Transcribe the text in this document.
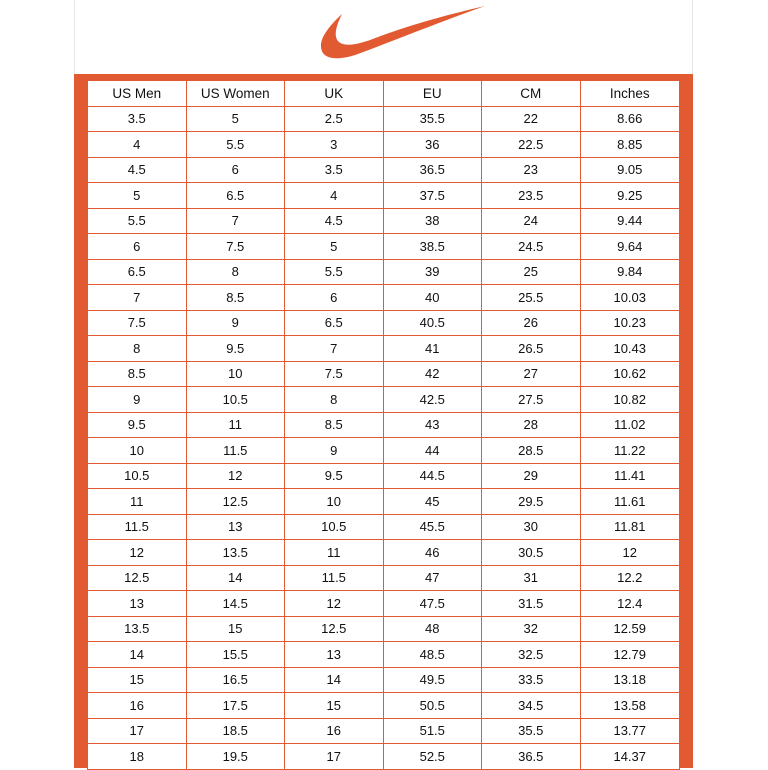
US Men	US Women	UK	EU	CM	Inches
3.5	5	2.5	35.5	22	8.66
4	5.5	3	36	22.5	8.85
4.5	6	3.5	36.5	23	9.05
5	6.5	4	37.5	23.5	9.25
5.5	7	4.5	38	24	9.44
6	7.5	5	38.5	24.5	9.64
6.5	8	5.5	39	25	9.84
7	8.5	6	40	25.5	10.03
7.5	9	6.5	40.5	26	10.23
8	9.5	7	41	26.5	10.43
8.5	10	7.5	42	27	10.62
9	10.5	8	42.5	27.5	10.82
9.5	11	8.5	43	28	11.02
10	11.5	9	44	28.5	11.22
10.5	12	9.5	44.5	29	11.41
11	12.5	10	45	29.5	11.61
11.5	13	10.5	45.5	30	11.81
12	13.5	11	46	30.5	12
12.5	14	11.5	47	31	12.2
13	14.5	12	47.5	31.5	12.4
13.5	15	12.5	48	32	12.59
14	15.5	13	48.5	32.5	12.79
15	16.5	14	49.5	33.5	13.18
16	17.5	15	50.5	34.5	13.58
17	18.5	16	51.5	35.5	13.77
18	19.5	17	52.5	36.5	14.37
